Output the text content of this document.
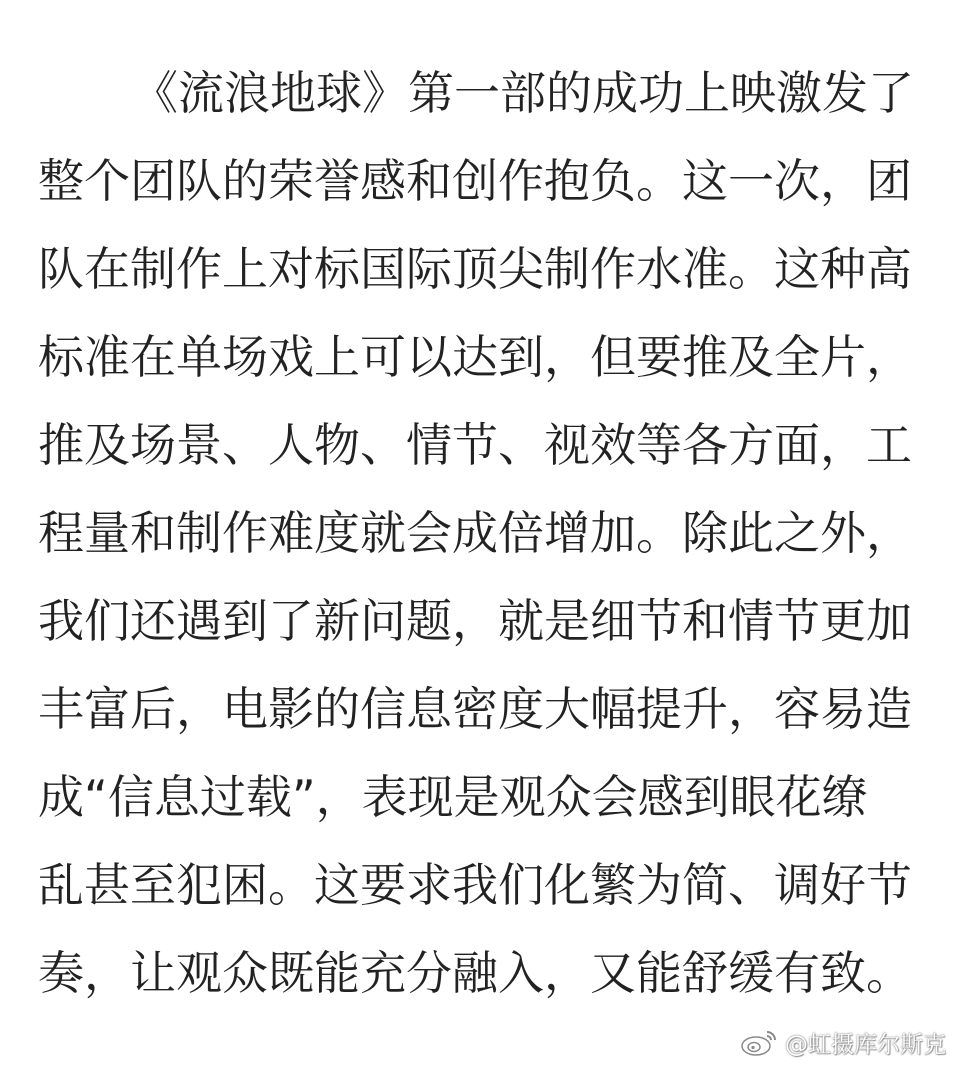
《流浪地球》第一部的成功上映激发了
整个团队的荣誉感和创作抱负。这一次，团
队在制作上对标国际顶尖制作水准。这种高
标准在单场戏上可以达到，但要推及全片，
推及场景、人物、情节、视效等各方面，工
程量和制作难度就会成倍增加。除此之外，
我们还遇到了新问题，就是细节和情节更加
丰富后，电影的信息密度大幅提升，容易造
成“信息过载”，表现是观众会感到眼花缭
乱甚至犯困。这要求我们化繁为简、调好节
奏，让观众既能充分融入，又能舒缓有致。
@虹摄库尔斯克
